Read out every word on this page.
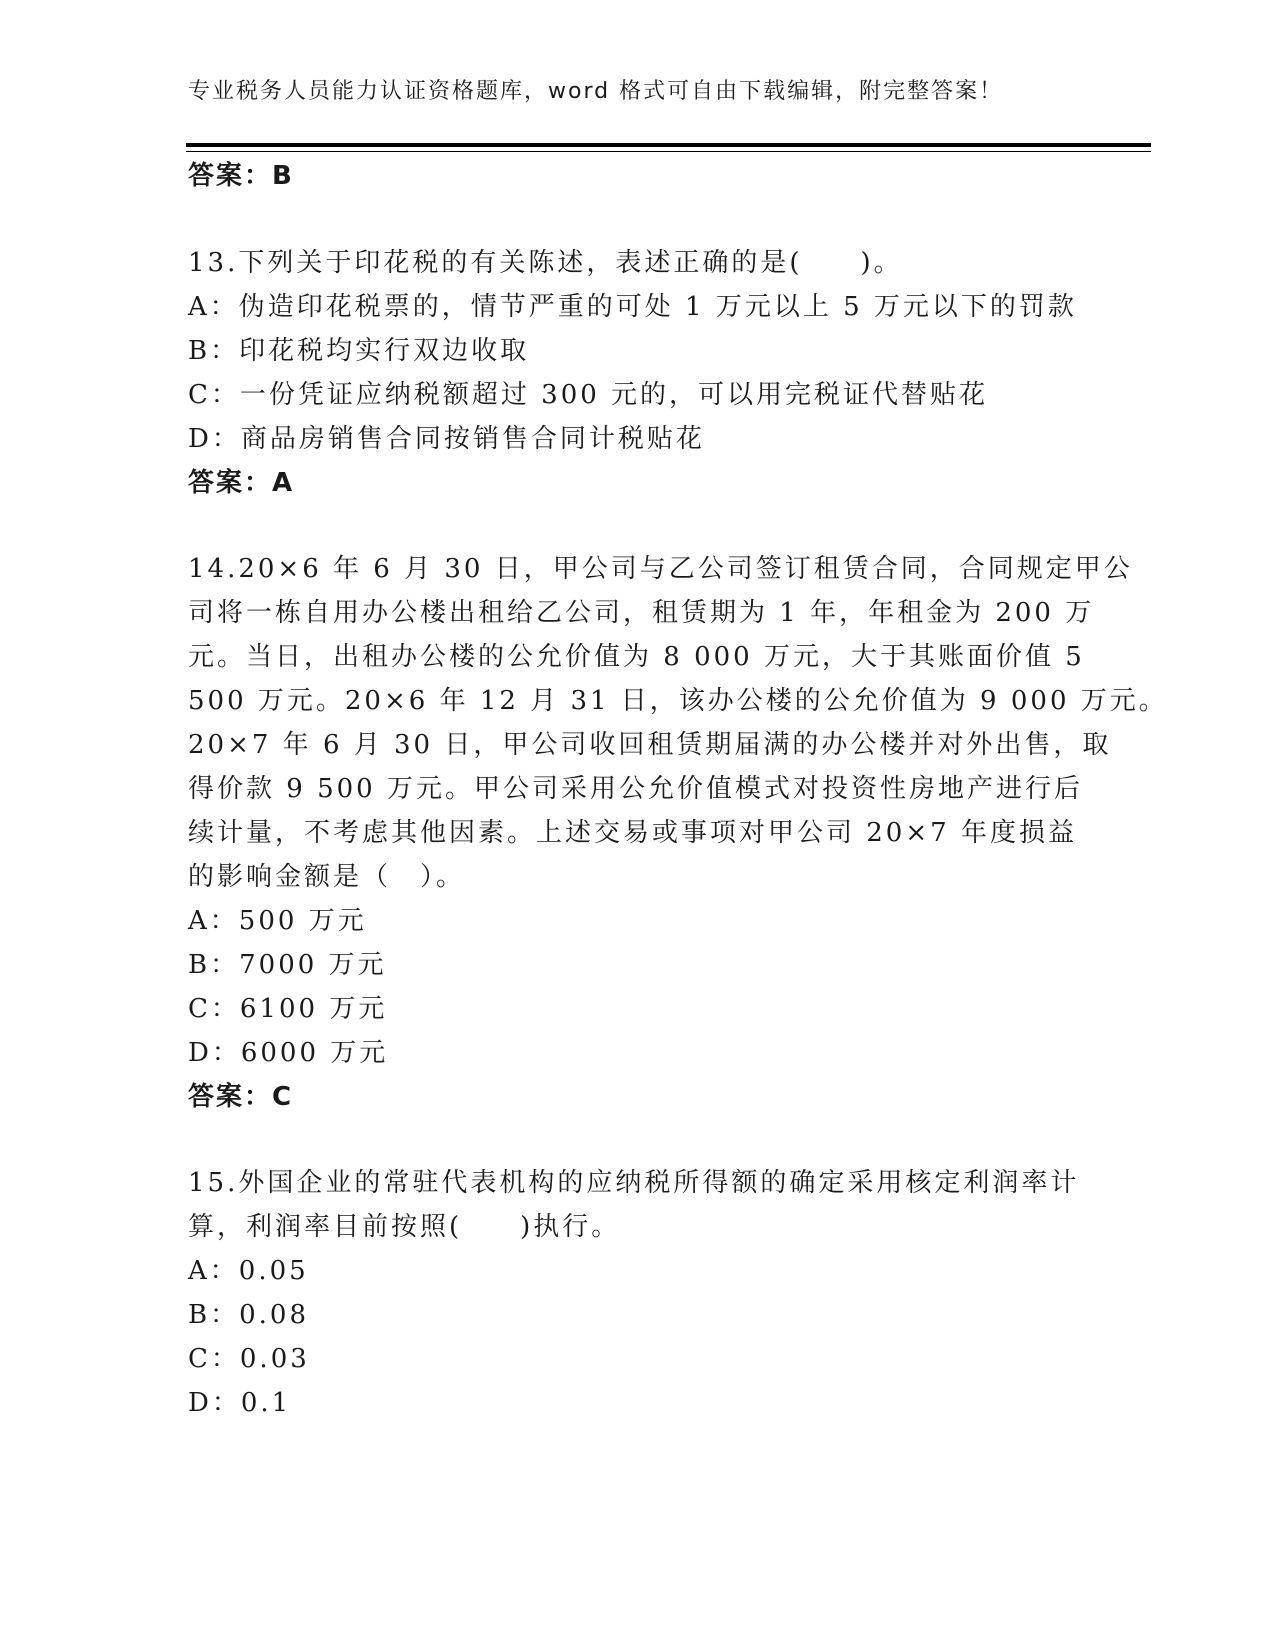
专业税务人员能力认证资格题库，word 格式可自由下载编辑，附完整答案！
答案：B
13.下列关于印花税的有关陈述，表述正确的是(　　)。
A：伪造印花税票的，情节严重的可处 1 万元以上 5 万元以下的罚款
B：印花税均实行双边收取
C：一份凭证应纳税额超过 300 元的，可以用完税证代替贴花
D：商品房销售合同按销售合同计税贴花
答案：A
14.20×6 年 6 月 30 日，甲公司与乙公司签订租赁合同，合同规定甲公
司将一栋自用办公楼出租给乙公司，租赁期为 1 年，年租金为 200 万
元。当日，出租办公楼的公允价值为 8 000 万元，大于其账面价值 5
500 万元。20×6 年 12 月 31 日，该办公楼的公允价值为 9 000 万元。
20×7 年 6 月 30 日，甲公司收回租赁期届满的办公楼并对外出售，取
得价款 9 500 万元。甲公司采用公允价值模式对投资性房地产进行后
续计量，不考虑其他因素。上述交易或事项对甲公司 20×7 年度损益
的影响金额是（　）。
A：500 万元
B：7000 万元
C：6100 万元
D：6000 万元
答案：C
15.外国企业的常驻代表机构的应纳税所得额的确定采用核定利润率计
算，利润率目前按照(　　)执行。
A：0.05
B：0.08
C：0.03
D：0.1
